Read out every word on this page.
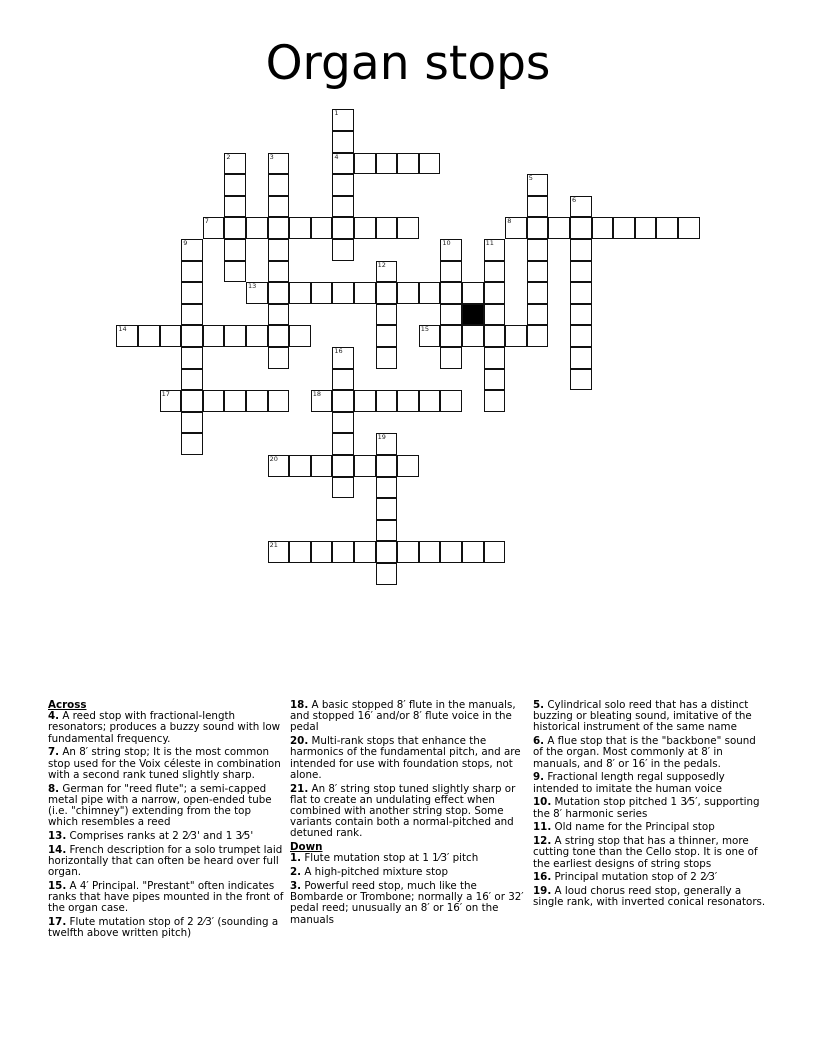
Organ stops
1
4
2	3
5
6
7	8
9	10	11
12
13
14	15
16
17	18
19
20
21
Across
4. A reed stop with fractional-length resonators; produces a buzzy sound with low fundamental frequency.
7. An 8′ string stop; It is the most common stop used for the Voix céleste in combination with a second rank tuned slightly sharp.
8. German for "reed flute"; a semi-capped metal pipe with a narrow, open-ended tube (i.e. "chimney") extending from the top which resembles a reed
13. Comprises ranks at 2 2⁄3' and 1 3⁄5'
14. French description for a solo trumpet laid horizontally that can often be heard over full organ.
15. A 4′ Principal. "Prestant" often indicates ranks that have pipes mounted in the front of the organ case.
17. Flute mutation stop of 2 2⁄3′ (sounding a twelfth above written pitch)
18. A basic stopped 8′ flute in the manuals, and stopped 16′ and/or 8′ flute voice in the pedal
20. Multi-rank stops that enhance the harmonics of the fundamental pitch, and are intended for use with foundation stops, not alone.
21. An 8′ string stop tuned slightly sharp or flat to create an undulating effect when combined with another string stop. Some variants contain both a normal-pitched and detuned rank.
Down
1. Flute mutation stop at 1 1⁄3′ pitch
2. A high-pitched mixture stop
3. Powerful reed stop, much like the Bombarde or Trombone; normally a 16′ or 32′ pedal reed; unusually an 8′ or 16′ on the manuals
5. Cylindrical solo reed that has a distinct buzzing or bleating sound, imitative of the historical instrument of the same name
6. A flue stop that is the "backbone" sound of the organ. Most commonly at 8′ in manuals, and 8′ or 16′ in the pedals.
9. Fractional length regal supposedly intended to imitate the human voice
10. Mutation stop pitched 1 3⁄5′, supporting the 8′ harmonic series
11. Old name for the Principal stop
12. A string stop that has a thinner, more cutting tone than the Cello stop. It is one of the earliest designs of string stops
16. Principal mutation stop of 2 2⁄3′
19. A loud chorus reed stop, generally a single rank, with inverted conical resonators.
